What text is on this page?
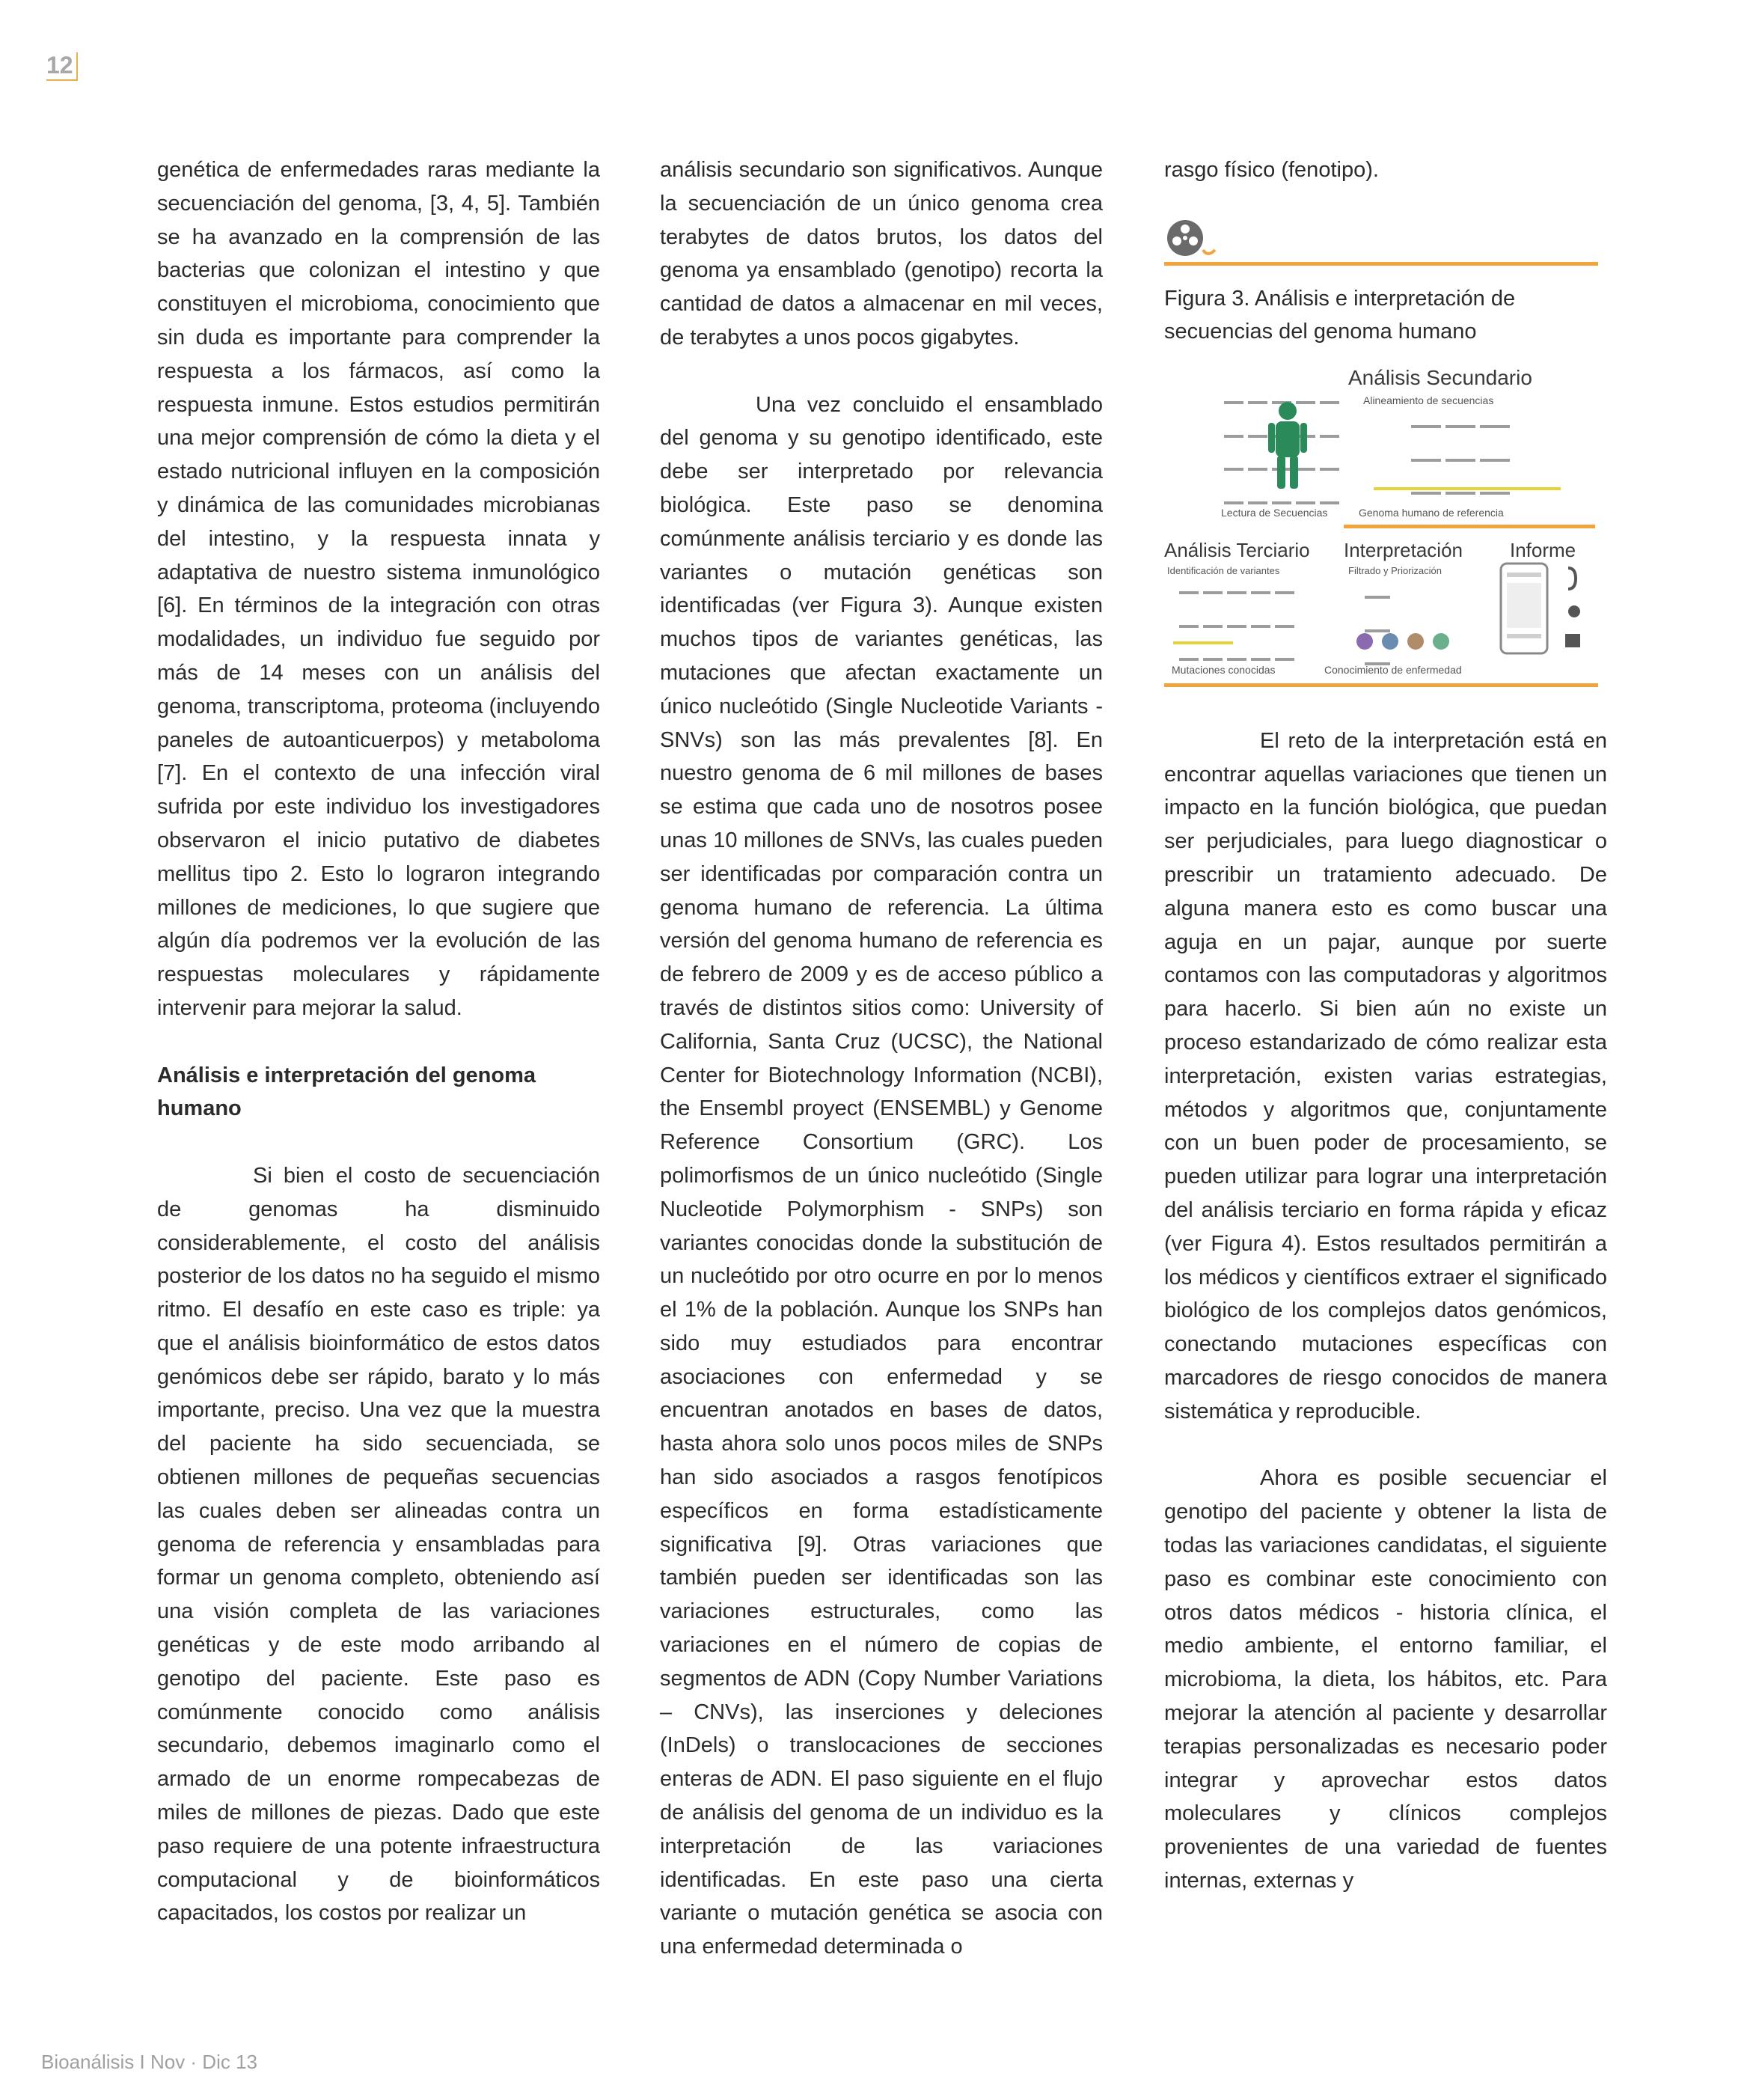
12

genética de enfermedades raras mediante la secuenciación del genoma, [3, 4, 5]. También se ha avanzado en la comprensión de las bacterias que colonizan el intestino y que constituyen el microbioma, conocimiento que sin duda es importante para comprender la respuesta a los fármacos, así como la respuesta inmune. Estos estudios permitirán una mejor comprensión de cómo la dieta y el estado nutricional influyen en la composición y dinámica de las comunidades microbianas del intestino, y la respuesta innata y adaptativa de nuestro sistema inmunológico [6]. En términos de la integración con otras modalidades, un individuo fue seguido por más de 14 meses con un análisis del genoma, transcriptoma, proteoma (incluyendo paneles de autoanticuerpos) y metaboloma [7]. En el contexto de una infección viral sufrida por este individuo los investigadores observaron el inicio putativo de diabetes mellitus tipo 2. Esto lo lograron integrando millones de mediciones, lo que sugiere que algún día podremos ver la evolución de las respuestas moleculares y rápidamente intervenir para mejorar la salud.

Análisis e interpretación del genoma humano

Si bien el costo de secuenciación de genomas ha disminuido considerablemente, el costo del análisis posterior de los datos no ha seguido el mismo ritmo. El desafío en este caso es triple: ya que el análisis bioinformático de estos datos genómicos debe ser rápido, barato y lo más importante, preciso. Una vez que la muestra del paciente ha sido secuenciada, se obtienen millones de pequeñas secuencias las cuales deben ser alineadas contra un genoma de referencia y ensambladas para formar un genoma completo, obteniendo así una visión completa de las variaciones genéticas y de este modo arribando al genotipo del paciente. Este paso es comúnmente conocido como análisis secundario, debemos imaginarlo como el armado de un enorme rompecabezas de miles de millones de piezas. Dado que este paso requiere de una potente infraestructura computacional y de bioinformáticos capacitados, los costos por realizar un

análisis secundario son significativos. Aunque la secuenciación de un único genoma crea terabytes de datos brutos, los datos del genoma ya ensamblado (genotipo) recorta la cantidad de datos a almacenar en mil veces, de terabytes a unos pocos gigabytes.

Una vez concluido el ensamblado del genoma y su genotipo identificado, este debe ser interpretado por relevancia biológica. Este paso se denomina comúnmente análisis terciario y es donde las variantes o mutación genéticas son identificadas (ver Figura 3). Aunque existen muchos tipos de variantes genéticas, las mutaciones que afectan exactamente un único nucleótido (Single Nucleotide Variants - SNVs) son las más prevalentes [8]. En nuestro genoma de 6 mil millones de bases se estima que cada uno de nosotros posee unas 10 millones de SNVs, las cuales pueden ser identificadas por comparación contra un genoma humano de referencia. La última versión del genoma humano de referencia es de febrero de 2009 y es de acceso público a través de distintos sitios como: University of California, Santa Cruz (UCSC), the National Center for Biotechnology Information (NCBI), the Ensembl proyect (ENSEMBL) y Genome Reference Consortium (GRC). Los polimorfismos de un único nucleótido (Single Nucleotide Polymorphism - SNPs) son variantes conocidas donde la substitución de un nucleótido por otro ocurre en por lo menos el 1% de la población. Aunque los SNPs han sido muy estudiados para encontrar asociaciones con enfermedad y se encuentran anotados en bases de datos, hasta ahora solo unos pocos miles de SNPs han sido asociados a rasgos fenotípicos específicos en forma estadísticamente significativa [9]. Otras variaciones que también pueden ser identificadas son las variaciones estructurales, como las variaciones en el número de copias de segmentos de ADN (Copy Number Variations – CNVs), las inserciones y deleciones (InDels) o translocaciones de secciones enteras de ADN. El paso siguiente en el flujo de análisis del genoma de un individuo es la interpretación de las variaciones identificadas. En este paso una cierta variante o mutación genética se asocia con una enfermedad determinada o

rasgo físico (fenotipo).

Figura 3. Análisis e interpretación de secuencias del genoma humano

Análisis Secundario
Alineamiento de secuencias

Lectura de Secuencias	Genoma humano de referencia
Análisis Terciario
Identificación de variantes
Interpretación
Filtrado y Priorización
Informe

Mutaciones conocidas	Conocimiento de enfermedad

El reto de la interpretación está en encontrar aquellas variaciones que tienen un impacto en la función biológica, que puedan ser perjudiciales, para luego diagnosticar o prescribir un tratamiento adecuado. De alguna manera esto es como buscar una aguja en un pajar, aunque por suerte contamos con las computadoras y algoritmos para hacerlo. Si bien aún no existe un proceso estandarizado de cómo realizar esta interpretación, existen varias estrategias, métodos y algoritmos que, conjuntamente con un buen poder de procesamiento, se pueden utilizar para lograr una interpretación del análisis terciario en forma rápida y eficaz (ver Figura 4). Estos resultados permitirán a los médicos y científicos extraer el significado biológico de los complejos datos genómicos, conectando mutaciones específicas con marcadores de riesgo conocidos de manera sistemática y reproducible.

Ahora es posible secuenciar el genotipo del paciente y obtener la lista de todas las variaciones candidatas, el siguiente paso es combinar este conocimiento con otros datos médicos - historia clínica, el medio ambiente, el entorno familiar, el microbioma, la dieta, los hábitos, etc. Para mejorar la atención al paciente y desarrollar terapias personalizadas es necesario poder integrar y aprovechar estos datos moleculares y clínicos complejos provenientes de una variedad de fuentes internas, externas y

Bioanálisis I Nov · Dic 13
